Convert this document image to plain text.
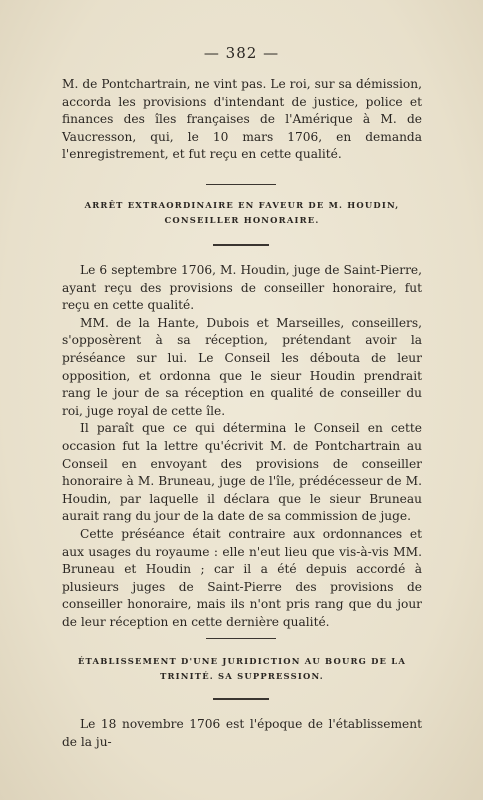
— 382 —

M. de Pontchartrain, ne vint pas. Le roi, sur sa démission, accorda les provisions d'intendant de justice, police et finances des îles françaises de l'Amérique à M. de Vaucresson, qui, le 10 mars 1706, en demanda l'enregistrement, et fut reçu en cette qualité.

ARRÊT EXTRAORDINAIRE EN FAVEUR DE M. HOUDIN, CONSEILLER HONORAIRE.

Le 6 septembre 1706, M. Houdin, juge de Saint-Pierre, ayant reçu des provisions de conseiller honoraire, fut reçu en cette qualité.

MM. de la Hante, Dubois et Marseilles, conseillers, s'opposèrent à sa réception, prétendant avoir la préséance sur lui. Le Conseil les débouta de leur opposition, et ordonna que le sieur Houdin prendrait rang le jour de sa réception en qualité de conseiller du roi, juge royal de cette île.

Il paraît que ce qui détermina le Conseil en cette occasion fut la lettre qu'écrivit M. de Pontchartrain au Conseil en envoyant des provisions de conseiller honoraire à M. Bruneau, juge de l'île, prédécesseur de M. Houdin, par laquelle il déclara que le sieur Bruneau aurait rang du jour de la date de sa commission de juge.

Cette préséance était contraire aux ordonnances et aux usages du royaume : elle n'eut lieu que vis-à-vis MM. Bruneau et Houdin ; car il a été depuis accordé à plusieurs juges de Saint-Pierre des provisions de conseiller honoraire, mais ils n'ont pris rang que du jour de leur réception en cette dernière qualité.

ÉTABLISSEMENT D'UNE JURIDICTION AU BOURG DE LA TRINITÉ. SA SUPPRESSION.

Le 18 novembre 1706 est l'époque de l'établissement de la ju-
